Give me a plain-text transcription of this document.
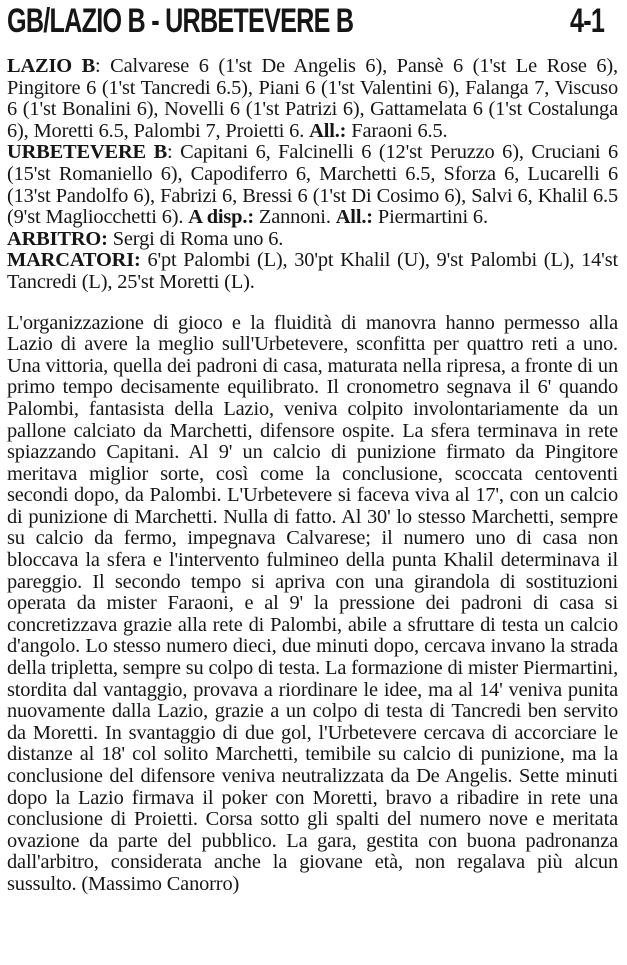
GB/LAZIO B - URBETEVERE B	4-1

LAZIO B: Calvarese 6 (1'st De Angelis 6), Pansè 6 (1'st Le Rose 6), Pingitore 6 (1'st Tancredi 6.5), Piani 6 (1'st Valentini 6), Falanga 7, Viscuso 6 (1'st Bonalini 6), Novelli 6 (1'st Patrizi 6), Gattamelata 6 (1'st Costalunga 6), Moretti 6.5, Palombi 7, Proietti 6. All.: Faraoni 6.5.

URBETEVERE B: Capitani 6, Falcinelli 6 (12'st Peruzzo 6), Cruciani 6 (15'st Romaniello 6), Capodiferro 6, Marchetti 6.5, Sforza 6, Lucarelli 6 (13'st Pandolfo 6), Fabrizi 6, Bressi 6 (1'st Di Cosimo 6), Salvi 6, Khalil 6.5 (9'st Magliocchetti 6). A disp.: Zannoni. All.: Piermartini 6.

ARBITRO: Sergi di Roma uno 6.

MARCATORI: 6'pt Palombi (L), 30'pt Khalil (U), 9'st Palombi (L), 14'st Tancredi (L), 25'st Moretti (L).

L'organizzazione di gioco e la fluidità di manovra hanno permesso alla Lazio di avere la meglio sull'Urbetevere, sconfitta per quattro reti a uno. Una vittoria, quella dei padroni di casa, maturata nella ripresa, a fronte di un primo tempo decisamente equilibrato. Il cronometro segnava il 6' quando Palombi, fantasista della Lazio, veniva colpito involontariamente da un pallone calciato da Marchetti, difensore ospite. La sfera terminava in rete spiazzando Capitani. Al 9' un calcio di punizione firmato da Pingitore meritava miglior sorte, così come la conclusione, scoccata centoventi secondi dopo, da Palombi. L'Urbetevere si faceva viva al 17', con un calcio di punizione di Marchetti. Nulla di fatto. Al 30' lo stesso Marchetti, sempre su calcio da fermo, impegnava Calvarese; il numero uno di casa non bloccava la sfera e l'intervento fulmineo della punta Khalil determinava il pareggio. Il secondo tempo si apriva con una girandola di sostituzioni operata da mister Faraoni, e al 9' la pressione dei padroni di casa si concretizzava grazie alla rete di Palombi, abile a sfruttare di testa un calcio d'angolo. Lo stesso numero dieci, due minuti dopo, cercava invano la strada della tripletta, sempre su colpo di testa. La formazione di mister Piermartini, stordita dal vantaggio, provava a riordinare le idee, ma al 14' veniva punita nuovamente dalla Lazio, grazie a un colpo di testa di Tancredi ben servito da Moretti. In svantaggio di due gol, l'Urbetevere cercava di accorciare le distanze al 18' col solito Marchetti, temibile su calcio di punizione, ma la conclusione del difensore veniva neutralizzata da De Angelis. Sette minuti dopo la Lazio firmava il poker con Moretti, bravo a ribadire in rete una conclusione di Proietti. Corsa sotto gli spalti del numero nove e meritata ovazione da parte del pubblico. La gara, gestita con buona padronanza dall'arbitro, considerata anche la giovane età, non regalava più alcun sussulto. (Massimo Canorro)
